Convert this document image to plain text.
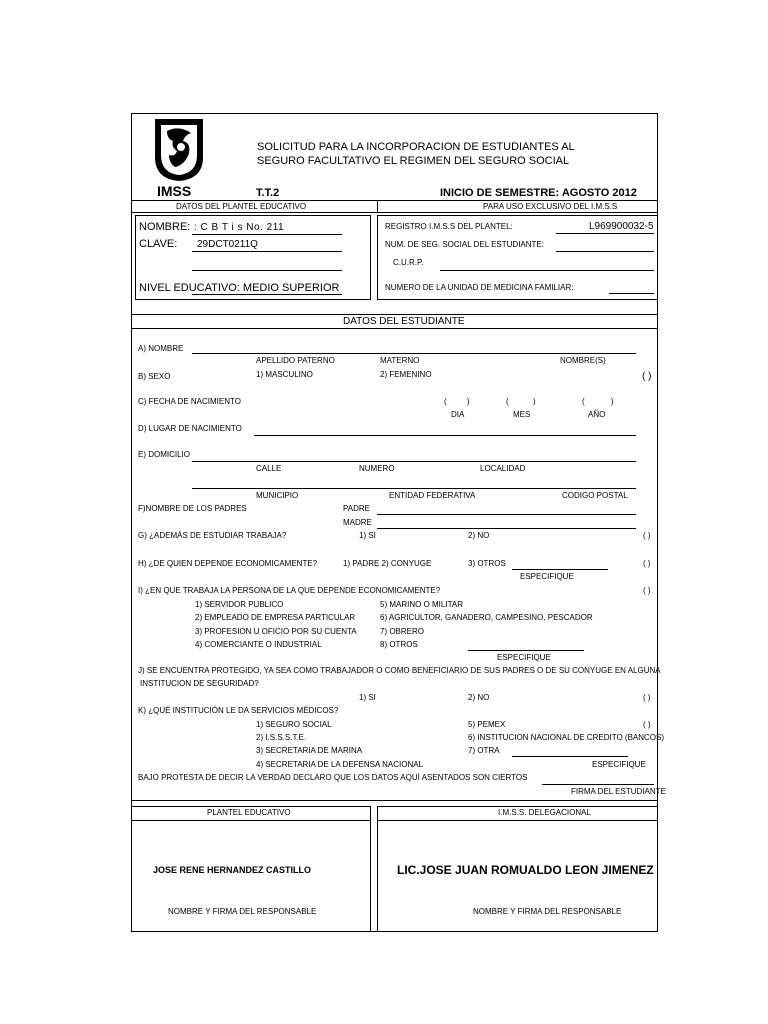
IMSS
SOLICITUD PARA LA INCORPORACION DE ESTUDIANTES AL
SEGURO FACULTATIVO EL REGIMEN DEL SEGURO SOCIAL
T.T.2	INICIO DE SEMESTRE: AGOSTO 2012
DATOS DEL PLANTEL EDUCATIVO	PARA USO EXCLUSIVO DEL I.M.S.S
NOMBRE: : C B T i s No. 211
CLAVE: 29DCT0211Q
NIVEL EDUCATIVO: MEDIO SUPERIOR
REGISTRO I.M.S.S DEL PLANTEL:	L969900032-5
NUM. DE SEG. SOCIAL DEL ESTUDIANTE:
C.U.R.P.
NUMERO DE LA UNIDAD DE MEDICINA FAMILIAR:
DATOS DEL ESTUDIANTE
A) NOMBRE
APELLIDO PATERNO	MATERNO	NOMBRE(S)
B) SEXO	1) MASCULINO	2) FEMENINO	( )
C) FECHA DE NACIMIENTO	(	)	(	)	(	)
DIA	MES	AÑO
D) LUGAR DE NACIMIENTO
E) DOMICILIO
CALLE	NUMERO	LOCALIDAD
MUNICIPIO	ENTIDAD FEDERATIVA	CODIGO POSTAL
F)NOMBRE DE LOS PADRES	PADRE
MADRE
G) ¿ADEMÁS DE ESTUDIAR TRABAJA?	1) SI	2) NO	( )
H) ¿DE QUIEN DEPENDE ECONOMICAMENTE?	1) PADRE 2) CONYUGE	3) OTROS	( )
ESPECIFIQUE
I) ¿EN QUE TRABAJA LA PERSONA DE LA QUE DEPENDE ECONOMICAMENTE?	( )
1) SERVIDOR PUBLICO
2) EMPLEADO DE EMPRESA PARTICULAR
3) PROFESION U OFICIO POR SU CUENTA
4) COMERCIANTE O INDUSTRIAL
5) MARINO O MILITAR
6) AGRICULTOR, GANADERO, CAMPESINO, PESCADOR
7) OBRERO
8) OTROS
ESPECIFIQUE
J) SE ENCUENTRA PROTEGIDO, YA SEA COMO TRABAJADOR O COMO BENEFICIARIO DE SUS PADRES O DE SU CONYUGE EN ALGUNA
INSTITUCION DE SEGURIDAD?
1) SI	2) NO	( )
K) ¿QUÉ INSTITUCIÓN LE DA SERVICIOS MÉDICOS?
1) SEGURO SOCIAL
2) I.S.S.S.T.E.
3) SECRETARIA DE MARINA
4) SECRETARIA DE LA DEFENSA NACIONAL
5) PEMEX	( )
6) INSTITUCION NACIONAL DE CREDITO (BANCOS)
7) OTRA
ESPECIFIQUE
BAJO PROTESTA DE DECIR LA VERDAD DECLARO QUE LOS DATOS AQUÍ ASENTADOS SON CIERTOS
FIRMA DEL ESTUDIANTE
PLANTEL EDUCATIVO
JOSE RENE HERNANDEZ CASTILLO
NOMBRE Y FIRMA DEL RESPONSABLE
I.M.S.S. DELEGACIONAL
LIC.JOSE JUAN ROMUALDO LEON JIMENEZ
NOMBRE Y FIRMA DEL RESPONSABLE
